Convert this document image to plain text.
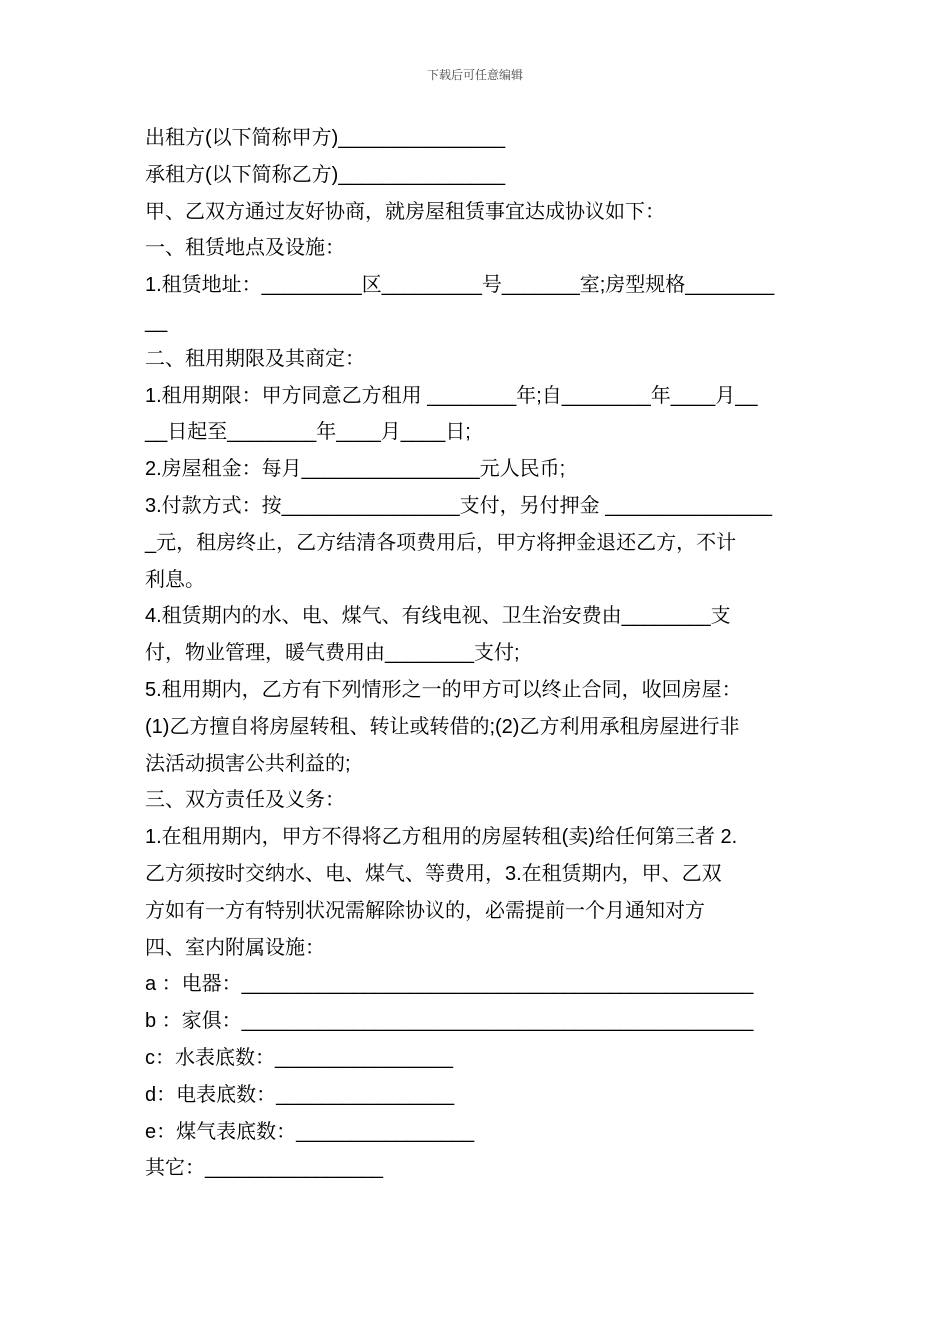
下载后可任意编辑
出租方(以下简称甲方)_______________
承租方(以下简称乙方)_______________
甲、乙双方通过友好协商，就房屋租赁事宜达成协议如下：
一、租赁地点及设施：
1.租赁地址：_________区_________号_______室;房型规格________
__
二、租用期限及其商定：
1.租用期限：甲方同意乙方租用 ________年;自________年____月__
__日起至________年____月____日;
2.房屋租金：每月________________元人民币;
3.付款方式：按________________支付，另付押金 _______________
_元，租房终止，乙方结清各项费用后，甲方将押金退还乙方，不计
利息。
4.租赁期内的水、电、煤气、有线电视、卫生治安费由________支
付，物业管理，暖气费用由________支付;
5.租用期内，乙方有下列情形之一的甲方可以终止合同，收回房屋：
(1)乙方擅自将房屋转租、转让或转借的;(2)乙方利用承租房屋进行非
法活动损害公共利益的;
三、双方责任及义务：
1.在租用期内，甲方不得将乙方租用的房屋转租(卖)给任何第三者 2.
乙方须按时交纳水、电、煤气、等费用，3.在租赁期内，甲、乙双
方如有一方有特别状况需解除协议的，必需提前一个月通知对方
四、室内附属设施：
a ：电器：______________________________________________
b ：家俱：______________________________________________
c：水表底数：________________
d：电表底数：________________
e：煤气表底数：________________
其它：________________
